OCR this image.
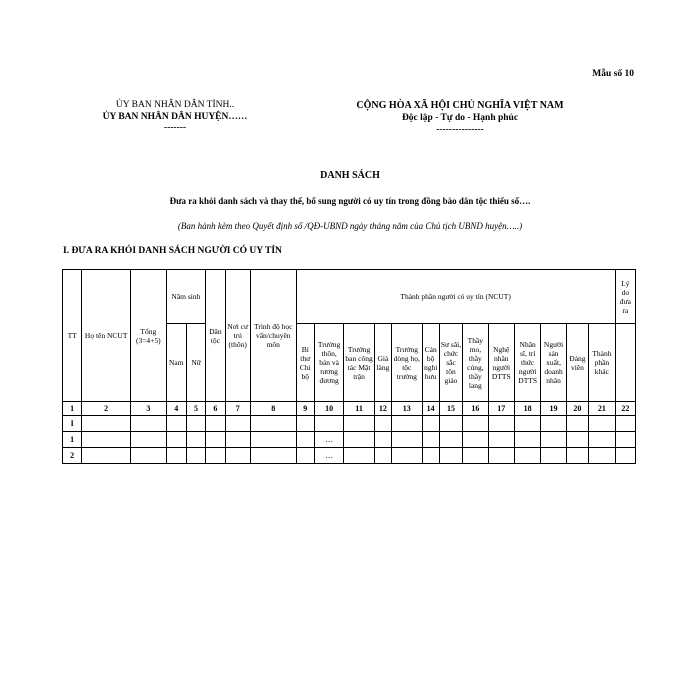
Mẫu số 10
ỦY BAN NHÂN DÂN TỈNH..
ỦY BAN NHÂN DÂN HUYỆN……
-------
CỘNG HÒA XÃ HỘI CHỦ NGHĨA VIỆT NAM
Độc lập - Tự do - Hạnh phúc
---------------
DANH SÁCH
Đưa ra khỏi danh sách và thay thế, bổ sung người có uy tín trong đồng bào dân tộc thiểu số….
(Ban hành kèm theo Quyết định số /QĐ-UBND ngày tháng năm của Chủ tịch UBND huyện…..)
I. ĐƯA RA KHỎI DANH SÁCH NGƯỜI CÓ UY TÍN
TT	Họ tên NCUT	Tổng (3=4+5)	Năm sinh		Dân tộc	Nơi cư trú (thôn)	Trình độ học vấn/chuyên môn	Thành phần người có uy tín (NCUT)													Lý do đưa ra

			Nam	Nữ				Bí thư Chi bộ	Trưởng thôn, bản và tương đương	Trưởng ban công tác Mặt trận	Già làng	Trưởng dòng họ, tộc trưởng	Cán bộ nghỉ hưu	Sư sãi, chức sắc tôn giáo	Thầy mo, thầy cúng, thầy lang	Nghệ nhân người DTTS	Nhân sĩ, trí thức người DTTS	Người sản xuất, doanh nhân	Đảng viên	Thành phần khác	
1	2	3	4	5	6	7	8	9	10	11	12	13	14	15	16	17	18	19	20	21	22
I																					
1									…												
2									…												
